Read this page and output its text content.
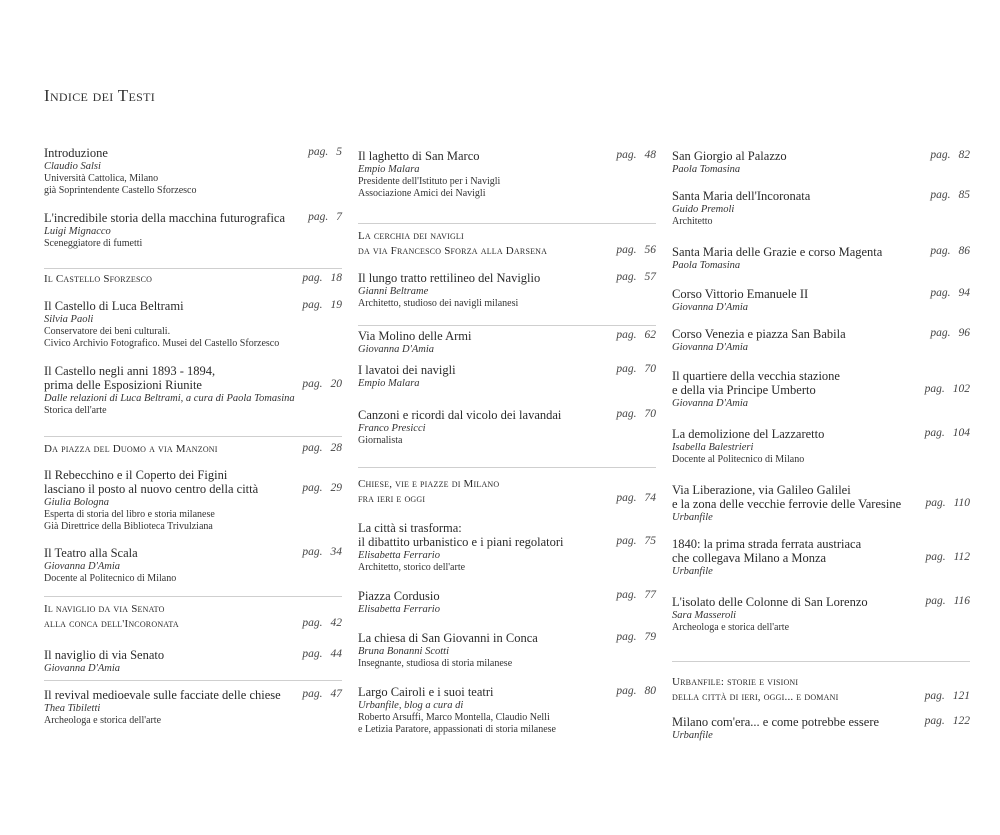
Indice dei Testi
Introduzione	pag. 5
Claudio Salsi
Università Cattolica, Milano
già Soprintendente Castello Sforzesco
L'incredibile storia della macchina futurografica	pag. 7
Luigi Mignacco
Sceneggiatore di fumetti
Il Castello Sforzesco	pag. 18
Il Castello di Luca Beltrami	pag. 19
Silvia Paoli
Conservatore dei beni culturali.
Civico Archivio Fotografico. Musei del Castello Sforzesco
Il Castello negli anni 1893 - 1894,
prima delle Esposizioni Riunite	pag. 20
Dalle relazioni di Luca Beltrami, a cura di Paola Tomasina
Storica dell'arte
Da piazza del Duomo a via Manzoni	pag. 28
Il Rebecchino e il Coperto dei Figini
lasciano il posto al nuovo centro della città	pag. 29
Giulia Bologna
Esperta di storia del libro e storia milanese
Già Direttrice della Biblioteca Trivulziana
Il Teatro alla Scala	pag. 34
Giovanna D'Amia
Docente al Politecnico di Milano
Il naviglio da via Senato
alla conca dell'Incoronata	pag. 42
Il naviglio di via Senato	pag. 44
Giovanna D'Amia
Il revival medioevale sulle facciate delle chiese	pag. 47
Thea Tibiletti
Archeologa e storica dell'arte
Il laghetto di San Marco	pag. 48
Empio Malara
Presidente dell'Istituto per i Navigli
Associazione Amici dei Navigli
La cerchia dei navigli
da via Francesco Sforza alla Darsena	pag. 56
Il lungo tratto rettilineo del Naviglio	pag. 57
Gianni Beltrame
Architetto, studioso dei navigli milanesi
Via Molino delle Armi	pag. 62
Giovanna D'Amia
I lavatoi dei navigli	pag. 70
Empio Malara
Canzoni e ricordi dal vicolo dei lavandai	pag. 70
Franco Presicci
Giornalista
Chiese, vie e piazze di Milano
fra ieri e oggi	pag. 74
La città si trasforma:
il dibattito urbanistico e i piani regolatori	pag. 75
Elisabetta Ferrario
Architetto, storico dell'arte
Piazza Cordusio	pag. 77
Elisabetta Ferrario
La chiesa di San Giovanni in Conca	pag. 79
Bruna Bonanni Scotti
Insegnante, studiosa di storia milanese
Largo Cairoli e i suoi teatri	pag. 80
Urbanfile, blog a cura di
Roberto Arsuffi, Marco Montella, Claudio Nelli
e Letizia Paratore, appassionati di storia milanese
San Giorgio al Palazzo	pag. 82
Paola Tomasina
Santa Maria dell'Incoronata	pag. 85
Guido Premoli
Architetto
Santa Maria delle Grazie e corso Magenta	pag. 86
Paola Tomasina
Corso Vittorio Emanuele II	pag. 94
Giovanna D'Amia
Corso Venezia e piazza San Babila	pag. 96
Giovanna D'Amia
Il quartiere della vecchia stazione
e della via Principe Umberto	pag. 102
Giovanna D'Amia
La demolizione del Lazzaretto	pag. 104
Isabella Balestrieri
Docente al Politecnico di Milano
Via Liberazione, via Galileo Galilei
e la zona delle vecchie ferrovie delle Varesine	pag. 110
Urbanfile
1840: la prima strada ferrata austriaca
che collegava Milano a Monza	pag. 112
Urbanfile
L'isolato delle Colonne di San Lorenzo	pag. 116
Sara Masseroli
Archeologa e storica dell'arte
Urbanfile: storie e visioni
della città di ieri, oggi... e domani	pag. 121
Milano com'era... e come potrebbe essere	pag. 122
Urbanfile
